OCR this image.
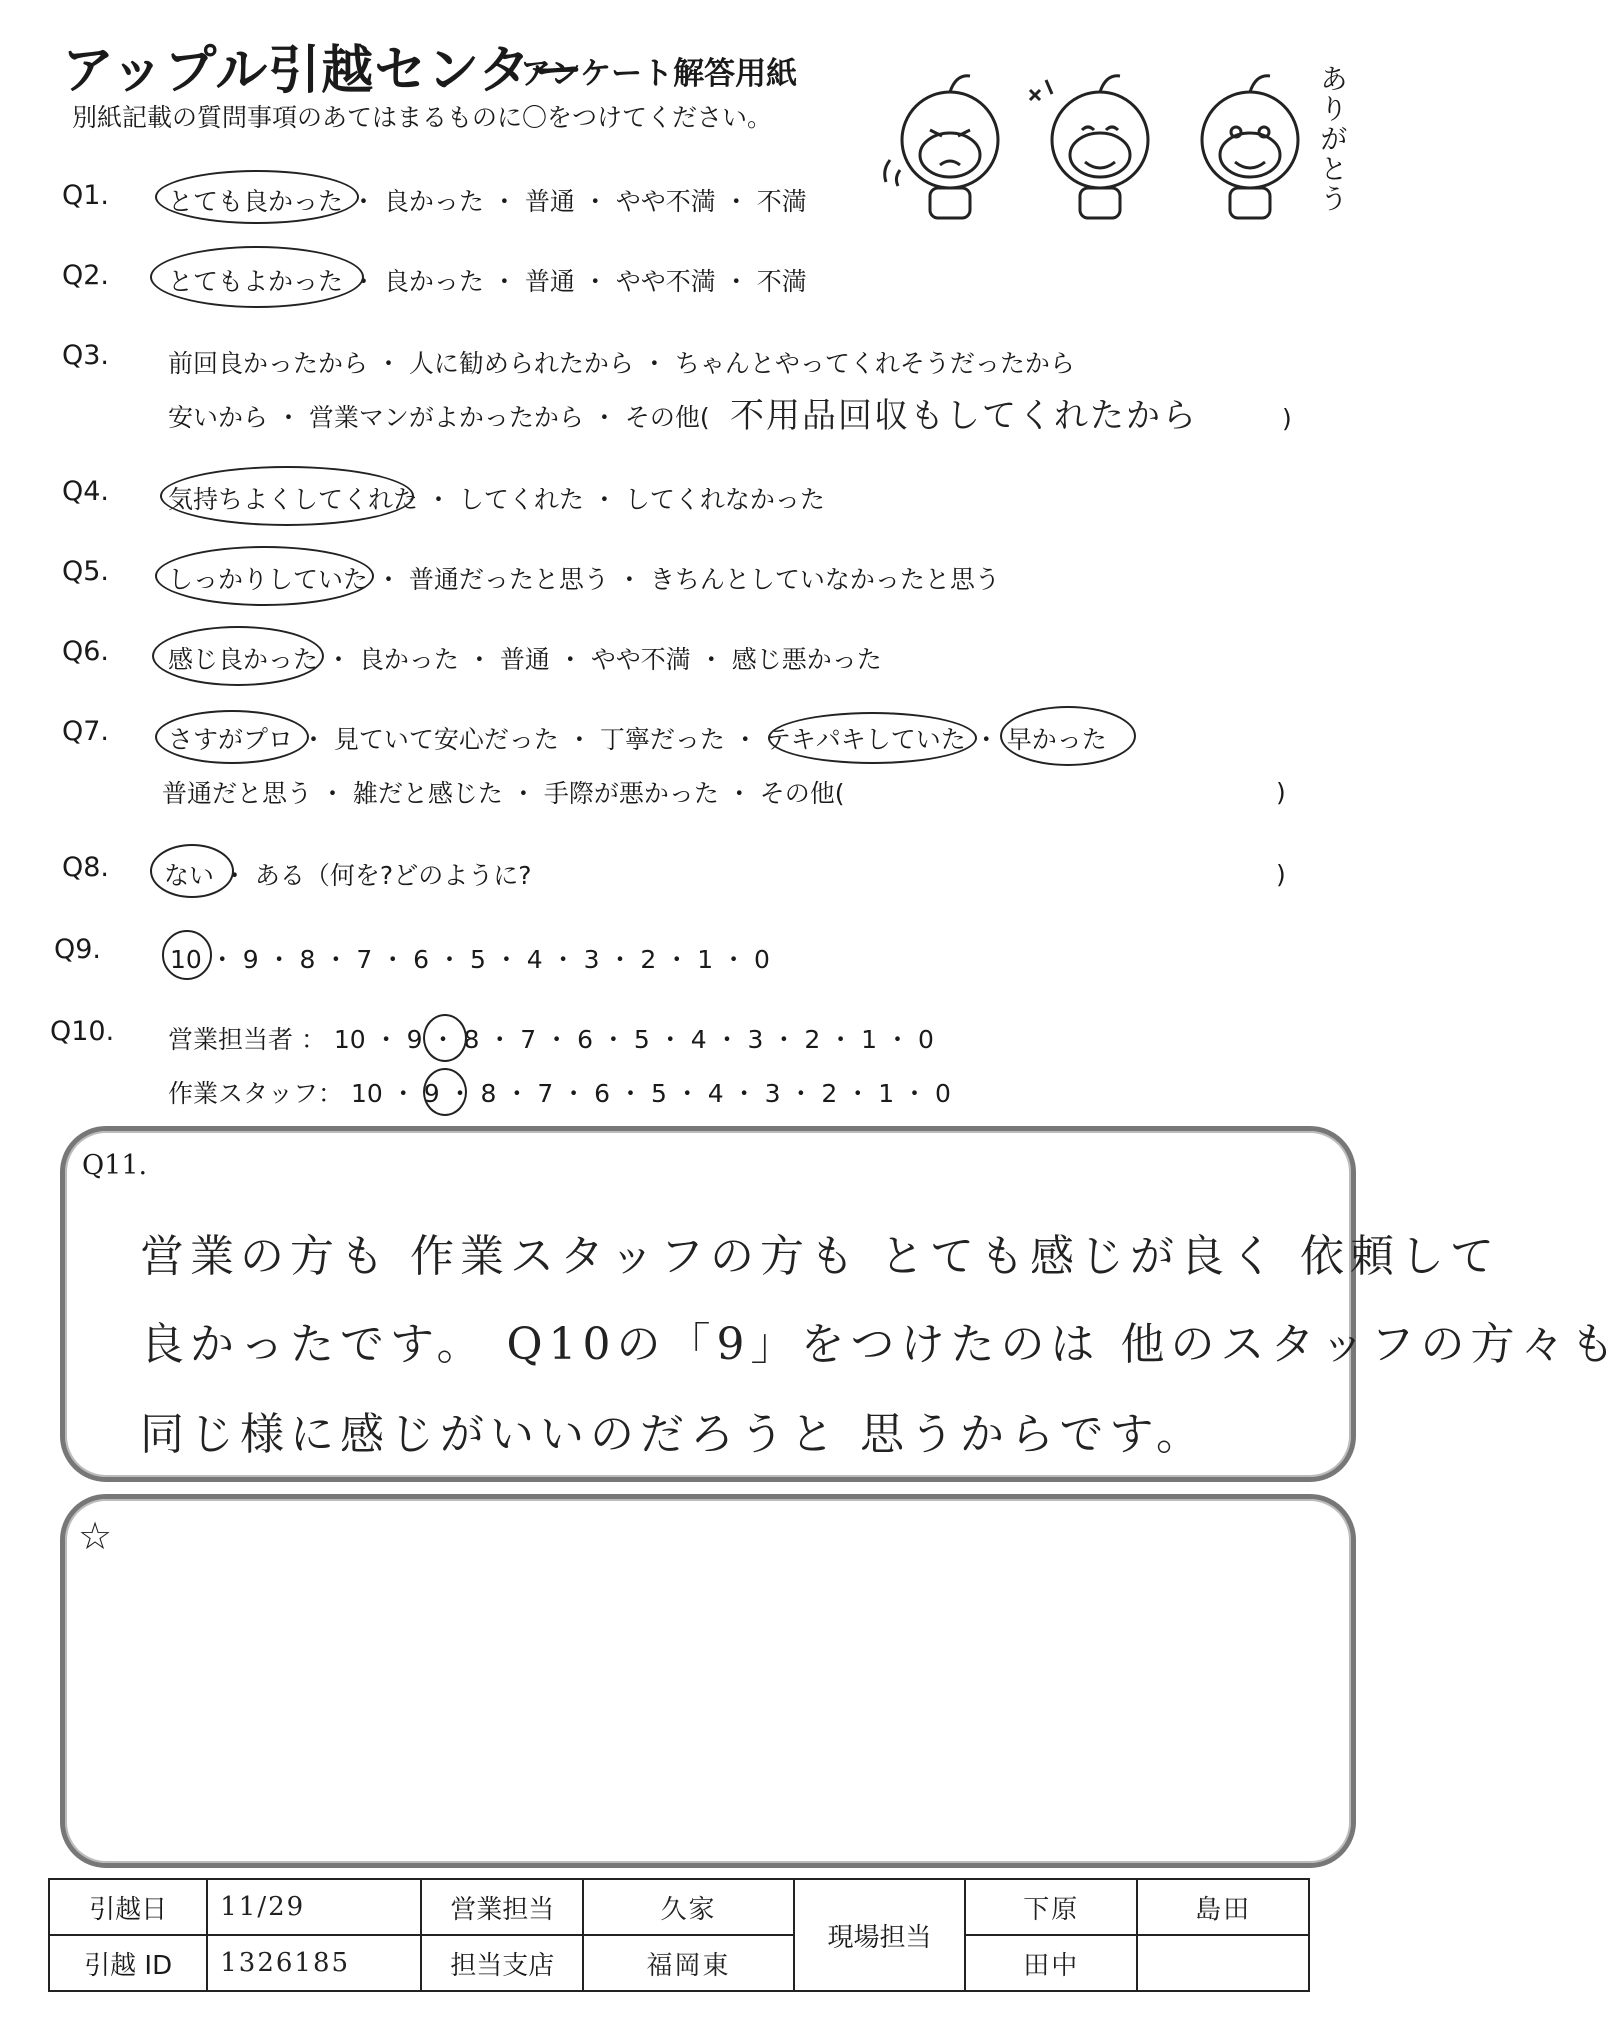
アップル引越センター
アンケート解答用紙
別紙記載の質問事項のあてはまるものに〇をつけてください。	ありがとう
Q1. とても良かった ・ 良かった ・ 普通 ・ やや不満 ・ 不満
Q2. とてもよかった ・ 良かった ・ 普通 ・ やや不満 ・ 不満
Q3. 前回良かったから ・ 人に勧められたから ・ ちゃんとやってくれそうだったから
安いから ・ 営業マンがよかったから ・ その他( 不用品回収もしてくれたから	)
Q4. 気持ちよくしてくれた ・ してくれた ・ してくれなかった
Q5. しっかりしていた ・ 普通だったと思う ・ きちんとしていなかったと思う
Q6. 感じ良かった ・ 良かった ・ 普通 ・ やや不満 ・ 感じ悪かった
Q7. さすがプロ ・ 見ていて安心だった ・ 丁寧だった ・ テキパキしていた ・ 早かった
普通だと思う ・ 雑だと感じた ・ 手際が悪かった ・ その他(	)
Q8. ない ・ ある（何を?どのように?	)
Q9.	10 ・ 9 ・ 8 ・ 7 ・ 6 ・ 5 ・ 4 ・ 3 ・ 2 ・ 1 ・ 0
Q10. 営業担当者 ： 10 ・ 9 ・ 8 ・ 7 ・ 6 ・ 5 ・ 4 ・ 3 ・ 2 ・ 1 ・ 0
作業スタッフ： 10 ・ 9 ・ 8 ・ 7 ・ 6 ・ 5 ・ 4 ・ 3 ・ 2 ・ 1 ・ 0
Q11.
営業の方も 作業スタッフの方も とても感じが良く 依頼して
良かったです。 Q10の「9」をつけたのは 他のスタッフの方々も
同じ様に感じがいいのだろうと 思うからです。
☆
引越日	11/29	営業担当	久家	現場担当	下原	島田
引越 ID	1326185	担当支店	福岡東		田中	
